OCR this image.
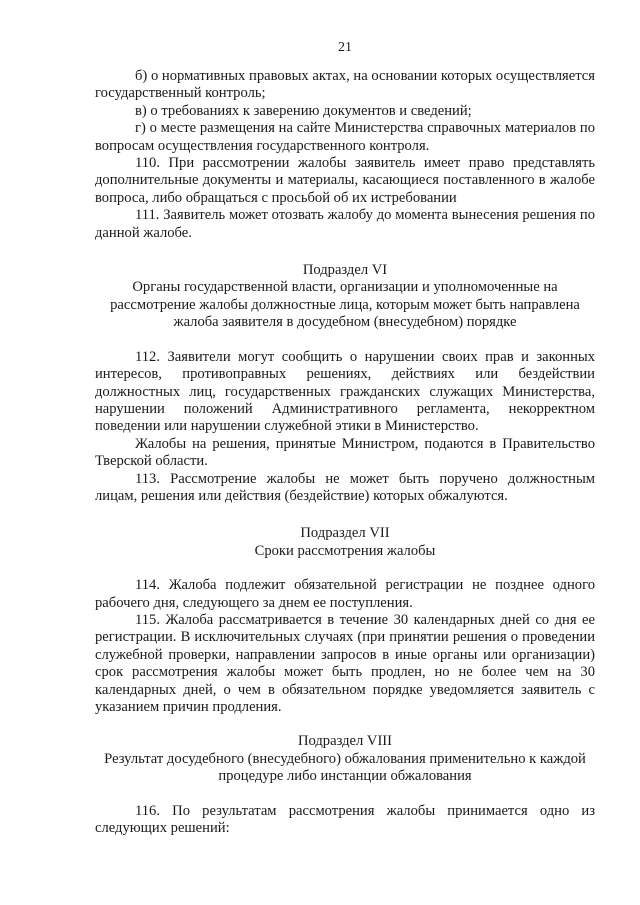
21

б) о нормативных правовых актах, на основании которых осуществляется государственный контроль;

в) о требованиях к заверению документов и сведений;

г) о месте размещения на сайте Министерства справочных материалов по вопросам осуществления государственного контроля.

110. При рассмотрении жалобы заявитель имеет право представлять дополнительные документы и материалы, касающиеся поставленного в жалобе вопроса, либо обращаться с просьбой об их истребовании

111. Заявитель может отозвать жалобу до момента вынесения решения по данной жалобе.

Подраздел VI

Органы государственной власти, организации и уполномоченные на рассмотрение жалобы должностные лица, которым может быть направлена жалоба заявителя в досудебном (внесудебном) порядке

112. Заявители могут сообщить о нарушении своих прав и законных интересов, противоправных решениях, действиях или бездействии должностных лиц, государственных гражданских служащих Министерства, нарушении положений Административного регламента, некорректном поведении или нарушении служебной этики в Министерство.

Жалобы на решения, принятые Министром, подаются в Правительство Тверской области.

113. Рассмотрение жалобы не может быть поручено должностным лицам, решения или действия (бездействие) которых обжалуются.

Подраздел VII

Сроки рассмотрения жалобы

114. Жалоба подлежит обязательной регистрации не позднее одного рабочего дня, следующего за днем ее поступления.

115. Жалоба рассматривается в течение 30 календарных дней со дня ее регистрации. В исключительных случаях (при принятии решения о проведении служебной проверки, направлении запросов в иные органы или организации) срок рассмотрения жалобы может быть продлен, но не более чем на 30 календарных дней, о чем в обязательном порядке уведомляется заявитель с указанием причин продления.

Подраздел VIII

Результат досудебного (внесудебного) обжалования применительно к каждой процедуре либо инстанции обжалования

116. По результатам рассмотрения жалобы принимается одно из следующих решений:
